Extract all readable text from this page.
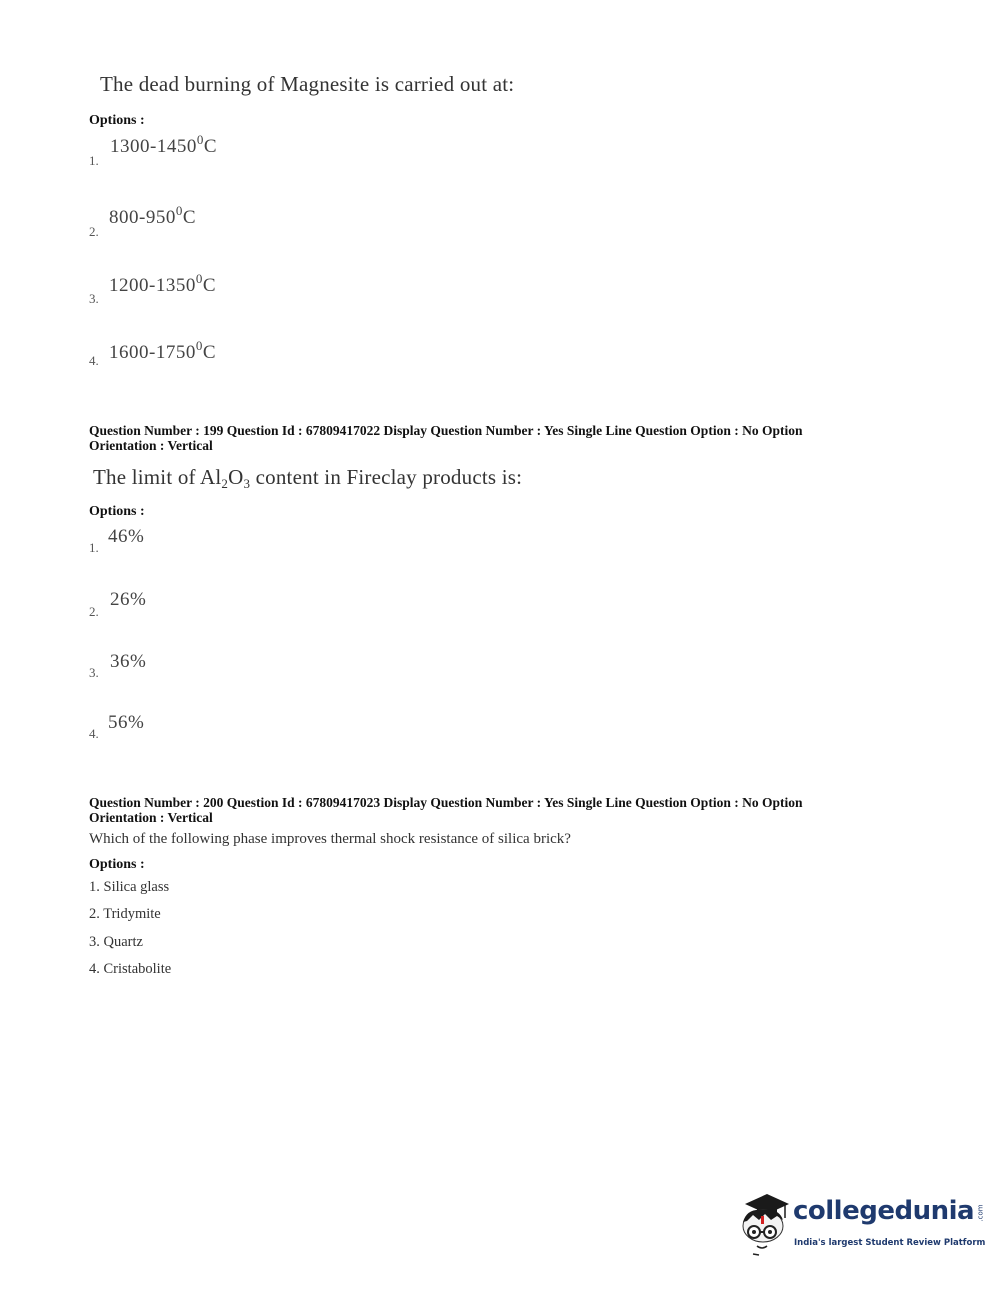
The dead burning of Magnesite is carried out at:
Options :
1.
1300-1450$^0$C
2.
$800-950^0C$
3.
1200-1350$^0$C
4. 1600-1750$^0$C
Question Number : 199 Question Id : 67809417022 Display Question Number : Yes Single Line Question Option : No Option
Orientation : Vertical
The limit of Al2O3 content in Fireclay products is:
Options :
1.
46%
2.
26%
3.
36%
4.
56%
Question Number : 200 Question Id : 67809417023 Display Question Number : Yes Single Line Question Option : No Option
Orientation : Vertical
Which of the following phase improves thermal shock resistance of silica brick?
Options :
1. Silica glass
2. Tridymite
3. Quartz
4. Cristabolite
collegedunia .com
India's largest Student Review Platform
